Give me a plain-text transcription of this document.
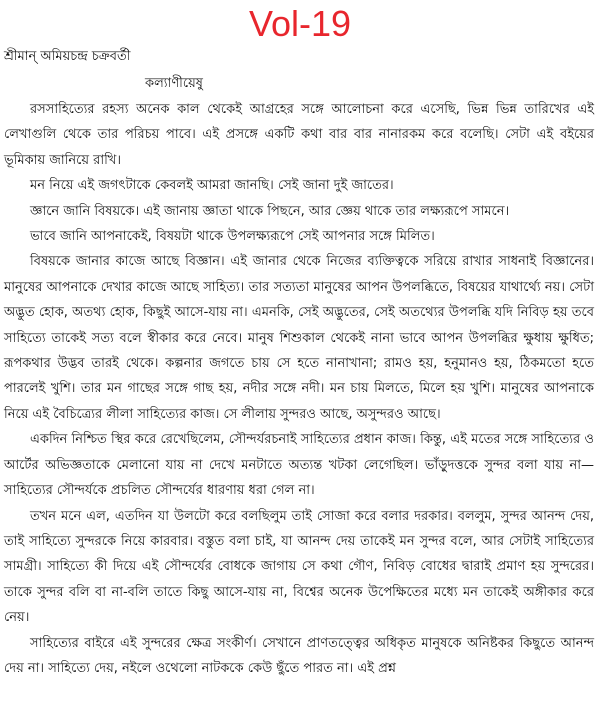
Vol-19
শ্রীমান্‌ অমিয়চন্দ্র চক্রবর্তী
কল্যাণীয়েষু

রসসাহিত্যের রহস্য অনেক কাল থেকেই আগ্রহের সঙ্গে আলোচনা করে এসেছি, ভিন্ন ভিন্ন তারিখের এই লেখাগুলি থেকে তার পরিচয় পাবে। এই প্রসঙ্গে একটি কথা বার বার নানারকম করে বলেছি। সেটা এই বইয়ের ভূমিকায় জানিয়ে রাখি।

মন নিয়ে এই জগৎটাকে কেবলই আমরা জানছি। সেই জানা দুই জাতের।

জ্ঞানে জানি বিষয়কে। এই জানায় জ্ঞাতা থাকে পিছনে, আর জ্ঞেয় থাকে তার লক্ষ্যরূপে সামনে।

ভাবে জানি আপনাকেই, বিষয়টা থাকে উপলক্ষ্যরূপে সেই আপনার সঙ্গে মিলিত।

বিষয়কে জানার কাজে আছে বিজ্ঞান। এই জানার থেকে নিজের ব্যক্তিত্বকে সরিয়ে রাখার সাধনাই বিজ্ঞানের। মানুষের আপনাকে দেখার কাজে আছে সাহিত্য। তার সত্যতা মানুষের আপন উপলব্ধিতে, বিষয়ের যাথার্থ্যে নয়। সেটা অদ্ভুত হোক, অতথ্য হোক, কিছুই আসে-যায় না। এমনকি, সেই অদ্ভুতের, সেই অতথ্যের উপলব্ধি যদি নিবিড় হয় তবে সাহিত্যে তাকেই সত্য বলে স্বীকার করে নেবে। মানুষ শিশুকাল থেকেই নানা ভাবে আপন উপলব্ধির ক্ষুধায় ক্ষুধিত; রূপকথার উদ্ভব তারই থেকে। কল্পনার জগতে চায় সে হতে নানাখানা; রামও হয়, হনুমানও হয়, ঠিকমতো হতে পারলেই খুশি। তার মন গাছের সঙ্গে গাছ হয়, নদীর সঙ্গে নদী। মন চায় মিলতে, মিলে হয় খুশি। মানুষের আপনাকে নিয়ে এই বৈচিত্র্যের লীলা সাহিত্যের কাজ। সে লীলায় সুন্দরও আছে, অসুন্দরও আছে।

একদিন নিশ্চিত স্থির করে রেখেছিলেম, সৌন্দর্যরচনাই সাহিত্যের প্রধান কাজ। কিন্তু, এই মতের সঙ্গে সাহিত্যের ও আর্টের অভিজ্ঞতাকে মেলানো যায় না দেখে মনটাতে অত্যন্ত খটকা লেগেছিল। ভাঁড়ুদত্তকে সুন্দর বলা যায় না— সাহিত্যের সৌন্দর্যকে প্রচলিত সৌন্দর্যের ধারণায় ধরা গেল না।

তখন মনে এল, এতদিন যা উলটো করে বলছিলুম তাই সোজা করে বলার দরকার। বললুম, সুন্দর আনন্দ দেয়, তাই সাহিত্যে সুন্দরকে নিয়ে কারবার। বস্তুত বলা চাই, যা আনন্দ দেয় তাকেই মন সুন্দর বলে, আর সেটাই সাহিত্যের সামগ্রী। সাহিত্যে কী দিয়ে এই সৌন্দর্যের বোধকে জাগায় সে কথা গৌণ, নিবিড় বোধের দ্বারাই প্রমাণ হয় সুন্দরের। তাকে সুন্দর বলি বা না-বলি তাতে কিছু আসে-যায় না, বিশ্বের অনেক উপেক্ষিতের মধ্যে মন তাকেই অঙ্গীকার করে নেয়।

সাহিত্যের বাইরে এই সুন্দরের ক্ষেত্র সংকীর্ণ। সেখানে প্রাণতত্ত্বের অধিকৃত মানুষকে অনিষ্টকর কিছুতে আনন্দ দেয় না। সাহিত্যে দেয়, নইলে ওথেলো নাটককে কেউ ছুঁতে পারত না। এই প্রশ্ন
